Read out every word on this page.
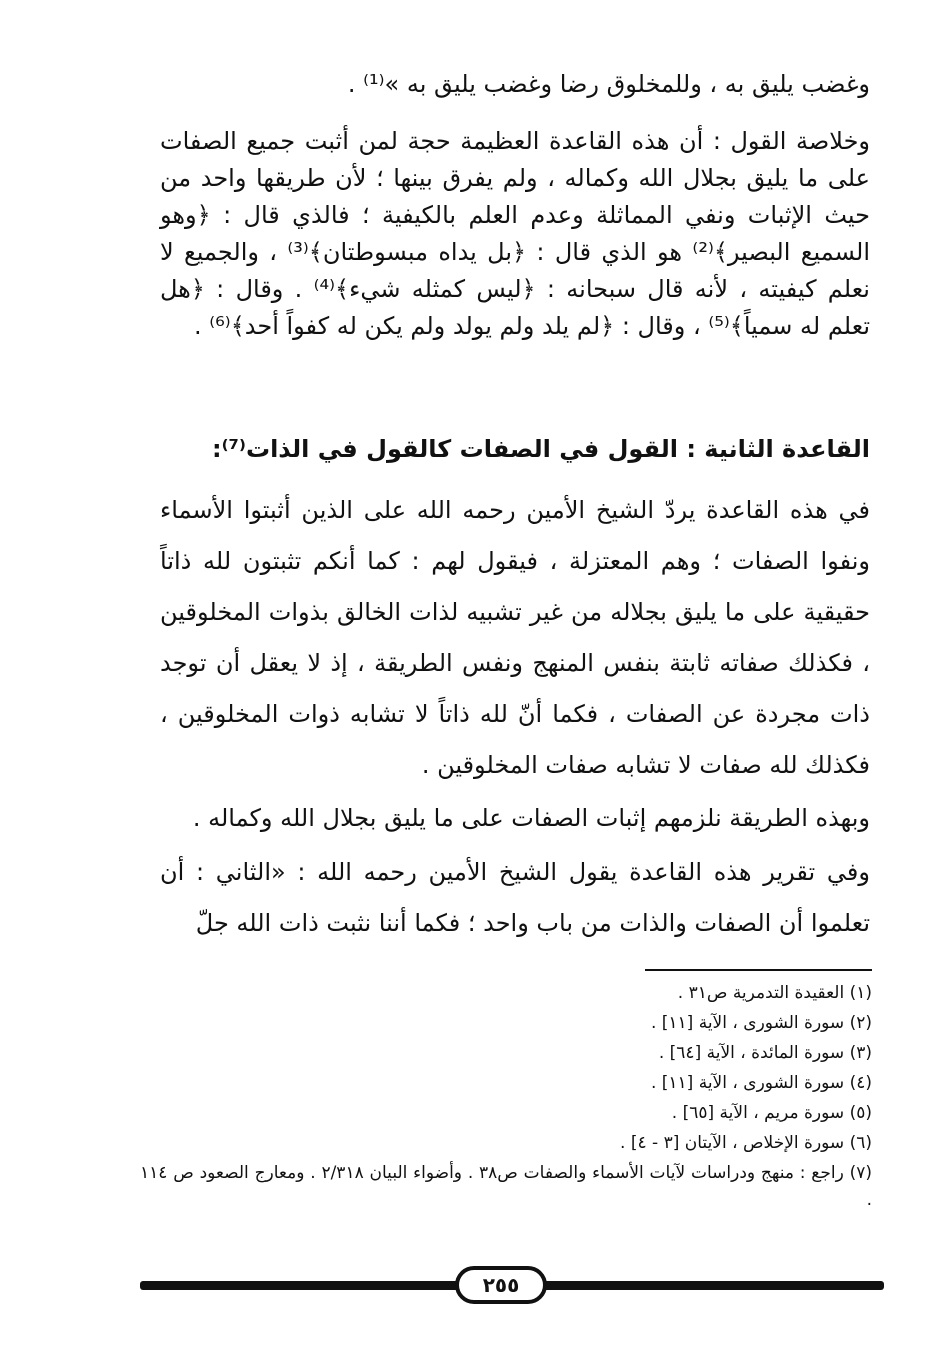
وغضب يليق به ، وللمخلوق رضا وغضب يليق به »⁽¹⁾ .

وخلاصة القول : أن هذه القاعدة العظيمة حجة لمن أثبت جميع الصفات على ما يليق بجلال الله وكماله ، ولم يفرق بينها ؛ لأن طريقها واحد من حيث الإثبات ونفي المماثلة وعدم العلم بالكيفية ؛ فالذي قال : ﴿وهو السميع البصير﴾⁽²⁾ هو الذي قال : ﴿بل يداه مبسوطتان﴾⁽³⁾ ، والجميع لا نعلم كيفيته ، لأنه قال سبحانه : ﴿ليس كمثله شيء﴾⁽⁴⁾ . وقال : ﴿هل تعلم له سمياً﴾⁽⁵⁾ ، وقال : ﴿لم يلد ولم يولد ولم يكن له كفواً أحد﴾⁽⁶⁾ .

القاعدة الثانية : القول في الصفات كالقول في الذات⁽⁷⁾:

في هذه القاعدة يردّ الشيخ الأمين رحمه الله على الذين أثبتوا الأسماء ونفوا الصفات ؛ وهم المعتزلة ، فيقول لهم : كما أنكم تثبتون لله ذاتاً حقيقية على ما يليق بجلاله من غير تشبيه لذات الخالق بذوات المخلوقين ، فكذلك صفاته ثابتة بنفس المنهج ونفس الطريقة ، إذ لا يعقل أن توجد ذات مجردة عن الصفات ، فكما أنّ لله ذاتاً لا تشابه ذوات المخلوقين ، فكذلك لله صفات لا تشابه صفات المخلوقين .

وبهذه الطريقة نلزمهم إثبات الصفات على ما يليق بجلال الله وكماله .

وفي تقرير هذه القاعدة يقول الشيخ الأمين رحمه الله : «الثاني : أن تعلموا أن الصفات والذات من باب واحد ؛ فكما أننا نثبت ذات الله جلّ

(١) العقيدة التدمرية ص٣١ .
(٢) سورة الشورى ، الآية [١١] .
(٣) سورة المائدة ، الآية [٦٤] .
(٤) سورة الشورى ، الآية [١١] .
(٥) سورة مريم ، الآية [٦٥] .
(٦) سورة الإخلاص ، الآيتان [٣ - ٤] .
(٧) راجع : منهج ودراسات لآيات الأسماء والصفات ص٣٨ . وأضواء البيان ٢/٣١٨ . ومعارج الصعود ص ١١٤ .
٢٥٥
